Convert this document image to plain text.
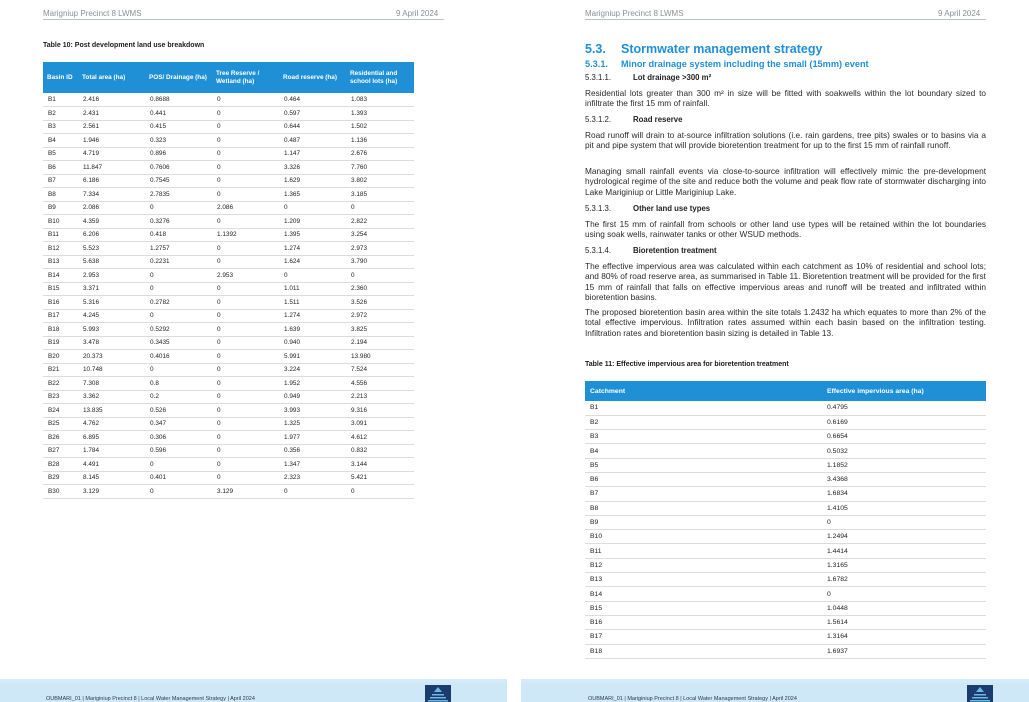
Marigniup Precinct 8 LWMS	9 April 2024
Table 10: Post development land use breakdown
Basin ID	Total area (ha)	POS/ Drainage (ha)	Tree Reserve / Wetland (ha)	Road reserve (ha)	Residential and school lots (ha)
B1	2.416	0.8688	0	0.464	1.083
B2	2.431	0.441	0	0.597	1.393
B3	2.561	0.415	0	0.644	1.502
B4	1.946	0.323	0	0.487	1.136
B5	4.719	0.896	0	1.147	2.676
B6	11.847	0.7606	0	3.326	7.760
B7	6.186	0.7545	0	1.629	3.802
B8	7.334	2.7835	0	1.365	3.185
B9	2.086	0	2.086	0	0
B10	4.359	0.3276	0	1.209	2.822
B11	6.206	0.418	1.1392	1.395	3.254
B12	5.523	1.2757	0	1.274	2.973
B13	5.638	0.2231	0	1.624	3.790
B14	2.953	0	2.953	0	0
B15	3.371	0	0	1.011	2.360
B16	5.316	0.2782	0	1.511	3.526
B17	4.245	0	0	1.274	2.972
B18	5.993	0.5292	0	1.639	3.825
B19	3.478	0.3435	0	0.940	2.194
B20	20.373	0.4016	0	5.991	13.980
B21	10.748	0	0	3.224	7.524
B22	7.308	0.8	0	1.952	4.556
B23	3.362	0.2	0	0.949	2.213
B24	13.835	0.526	0	3.993	9.316
B25	4.762	0.347	0	1.325	3.091
B26	6.895	0.306	0	1.977	4.612
B27	1.784	0.596	0	0.356	0.832
B28	4.491	0	0	1.347	3.144
B29	8.145	0.401	0	2.323	5.421
B30	3.129	0	3.129	0	0
OUBMARI_01 | Mariginiup Precinct 8 | Local Water Management Strategy | April 2024
Marigniup Precinct 8 LWMS	9 April 2024
OUBMARI_01 | Mariginiup Precinct 8 | Local Water Management Strategy | April 2024
5.3. Stormwater management strategy
5.3.1. Minor drainage system including the small (15mm) event
5.3.1.1.	Lot drainage >300 m²
Residential lots greater than 300 m² in size will be fitted with soakwells within the lot boundary sized to infiltrate the first 15 mm of rainfall.
5.3.1.2.	Road reserve
Road runoff will drain to at-source infiltration solutions (i.e. rain gardens, tree pits) swales or to basins via a pit and pipe system that will provide bioretention treatment for up to the first 15 mm of rainfall runoff.
Managing small rainfall events via close-to-source infiltration will effectively mimic the pre-development hydrological regime of the site and reduce both the volume and peak flow rate of stormwater discharging into Lake Mariginiup or Little Mariginiup Lake.
5.3.1.3.	Other land use types
The first 15 mm of rainfall from schools or other land use types will be retained within the lot boundaries using soak wells, rainwater tanks or other WSUD methods.
5.3.1.4.	Bioretention treatment
The effective impervious area was calculated within each catchment as 10% of residential and school lots; and 80% of road reserve area, as summarised in Table 11. Bioretention treatment will be provided for the first 15 mm of rainfall that falls on effective impervious areas and runoff will be treated and infiltrated within bioretention basins.
The proposed bioretention basin area within the site totals 1.2432 ha which equates to more than 2% of the total effective impervious. Infiltration rates assumed within each basin based on the infiltration testing. Infiltration rates and bioretention basin sizing is detailed in Table 13.
Table 11: Effective impervious area for bioretention treatment
Catchment	Effective impervious area (ha)
B1	0.4795
B2	0.6169
B3	0.6654
B4	0.5032
B5	1.1852
B6	3.4368
B7	1.6834
B8	1.4105
B9	0
B10	1.2494
B11	1.4414
B12	1.3165
B13	1.6782
B14	0
B15	1.0448
B16	1.5614
B17	1.3164
B18	1.6937
